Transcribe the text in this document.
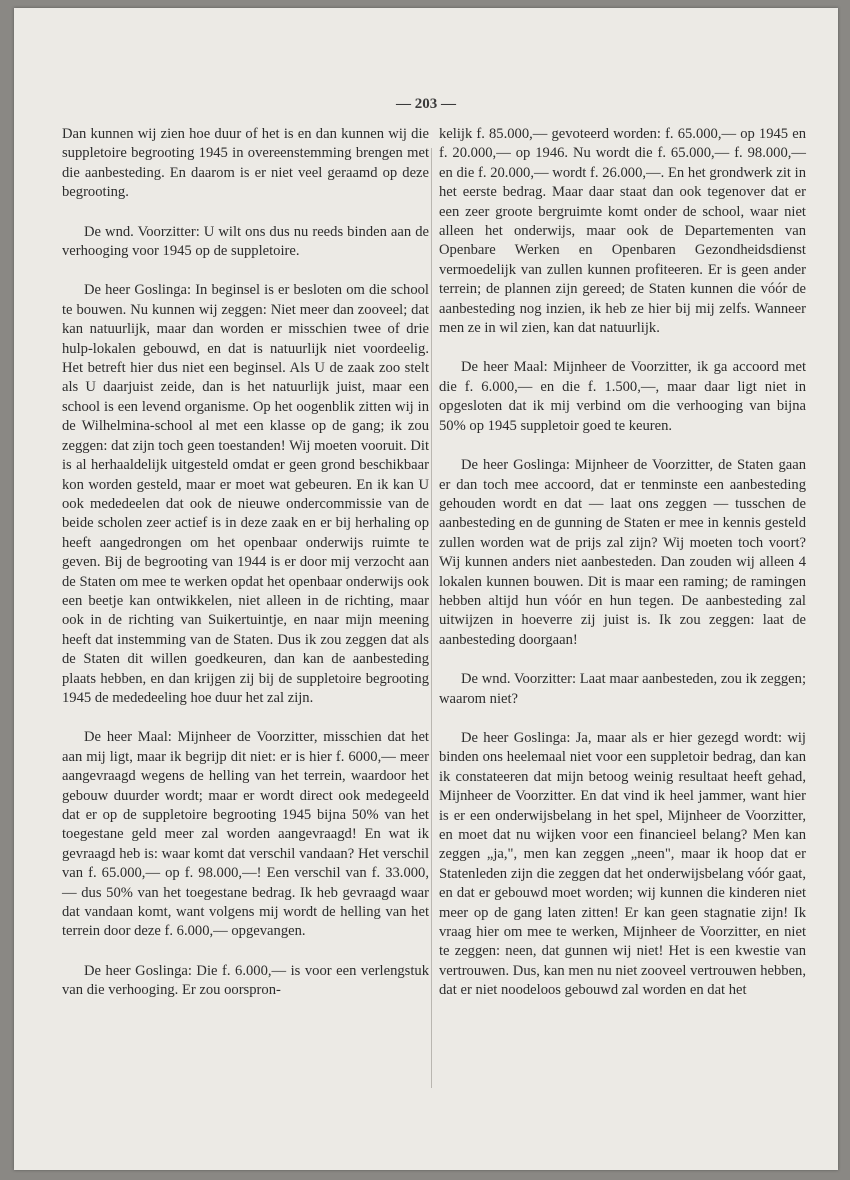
— 203 —

Dan kunnen wij zien hoe duur of het is en dan kunnen wij die suppletoire begrooting 1945 in overeenstemming brengen met die aanbesteding. En daarom is er niet veel geraamd op deze begrooting.

De wnd. Voorzitter: U wilt ons dus nu reeds binden aan de verhooging voor 1945 op de suppletoire.

De heer Goslinga: In beginsel is er besloten om die school te bouwen. Nu kunnen wij zeggen: Niet meer dan zooveel; dat kan natuurlijk, maar dan worden er misschien twee of drie hulp-lokalen gebouwd, en dat is natuurlijk niet voordeelig. Het betreft hier dus niet een beginsel. Als U de zaak zoo stelt als U daarjuist zeide, dan is het natuurlijk juist, maar een school is een levend organisme. Op het oogenblik zitten wij in de Wilhelmina-school al met een klasse op de gang; ik zou zeggen: dat zijn toch geen toestanden! Wij moeten vooruit. Dit is al herhaaldelijk uitgesteld omdat er geen grond beschikbaar kon worden gesteld, maar er moet wat gebeuren. En ik kan U ook mededeelen dat ook de nieuwe ondercommissie van de beide scholen zeer actief is in deze zaak en er bij herhaling op heeft aangedrongen om het openbaar onderwijs ruimte te geven. Bij de begrooting van 1944 is er door mij verzocht aan de Staten om mee te werken opdat het openbaar onderwijs ook een beetje kan ontwikkelen, niet alleen in de richting, maar ook in de richting van Suikertuintje, en naar mijn meening heeft dat instemming van de Staten. Dus ik zou zeggen dat als de Staten dit willen goedkeuren, dan kan de aanbesteding plaats hebben, en dan krijgen zij bij de suppletoire begrooting 1945 de mededeeling hoe duur het zal zijn.

De heer Maal: Mijnheer de Voorzitter, misschien dat het aan mij ligt, maar ik begrijp dit niet: er is hier f. 6000,— meer aangevraagd wegens de helling van het terrein, waardoor het gebouw duurder wordt; maar er wordt direct ook medegeeld dat er op de suppletoire begrooting 1945 bijna 50% van het toegestane geld meer zal worden aangevraagd! En wat ik gevraagd heb is: waar komt dat verschil vandaan? Het verschil van f. 65.000,— op f. 98.000,—! Een verschil van f. 33.000,— dus 50% van het toegestane bedrag. Ik heb gevraagd waar dat vandaan komt, want volgens mij wordt de helling van het terrein door deze f. 6.000,— opgevangen.

De heer Goslinga: Die f. 6.000,— is voor een verlengstuk van die verhooging. Er zou oorspron-

kelijk f. 85.000,— gevoteerd worden: f. 65.000,— op 1945 en f. 20.000,— op 1946. Nu wordt die f. 65.000,— f. 98.000,— en die f. 20.000,— wordt f. 26.000,—. En het grondwerk zit in het eerste bedrag. Maar daar staat dan ook tegenover dat er een zeer groote bergruimte komt onder de school, waar niet alleen het onderwijs, maar ook de Departementen van Openbare Werken en Openbaren Gezondheidsdienst vermoedelijk van zullen kunnen profiteeren. Er is geen ander terrein; de plannen zijn gereed; de Staten kunnen die vóór de aanbesteding nog inzien, ik heb ze hier bij mij zelfs. Wanneer men ze in wil zien, kan dat natuurlijk.

De heer Maal: Mijnheer de Voorzitter, ik ga accoord met die f. 6.000,— en die f. 1.500,—, maar daar ligt niet in opgesloten dat ik mij verbind om die verhooging van bijna 50% op 1945 suppletoir goed te keuren.

De heer Goslinga: Mijnheer de Voorzitter, de Staten gaan er dan toch mee accoord, dat er tenminste een aanbesteding gehouden wordt en dat — laat ons zeggen — tusschen de aanbesteding en de gunning de Staten er mee in kennis gesteld zullen worden wat de prijs zal zijn? Wij moeten toch voort? Wij kunnen anders niet aanbesteden. Dan zouden wij alleen 4 lokalen kunnen bouwen. Dit is maar een raming; de ramingen hebben altijd hun vóór en hun tegen. De aanbesteding zal uitwijzen in hoeverre zij juist is. Ik zou zeggen: laat de aanbesteding doorgaan!

De wnd. Voorzitter: Laat maar aanbesteden, zou ik zeggen; waarom niet?

De heer Goslinga: Ja, maar als er hier gezegd wordt: wij binden ons heelemaal niet voor een suppletoir bedrag, dan kan ik constateeren dat mijn betoog weinig resultaat heeft gehad, Mijnheer de Voorzitter. En dat vind ik heel jammer, want hier is er een onderwijsbelang in het spel, Mijnheer de Voorzitter, en moet dat nu wijken voor een financieel belang? Men kan zeggen „ja,", men kan zeggen „neen", maar ik hoop dat er Statenleden zijn die zeggen dat het onderwijsbelang vóór gaat, en dat er gebouwd moet worden; wij kunnen die kinderen niet meer op de gang laten zitten! Er kan geen stagnatie zijn! Ik vraag hier om mee te werken, Mijnheer de Voorzitter, en niet te zeggen: neen, dat gunnen wij niet! Het is een kwestie van vertrouwen. Dus, kan men nu niet zooveel vertrouwen hebben, dat er niet noodeloos gebouwd zal worden en dat het
